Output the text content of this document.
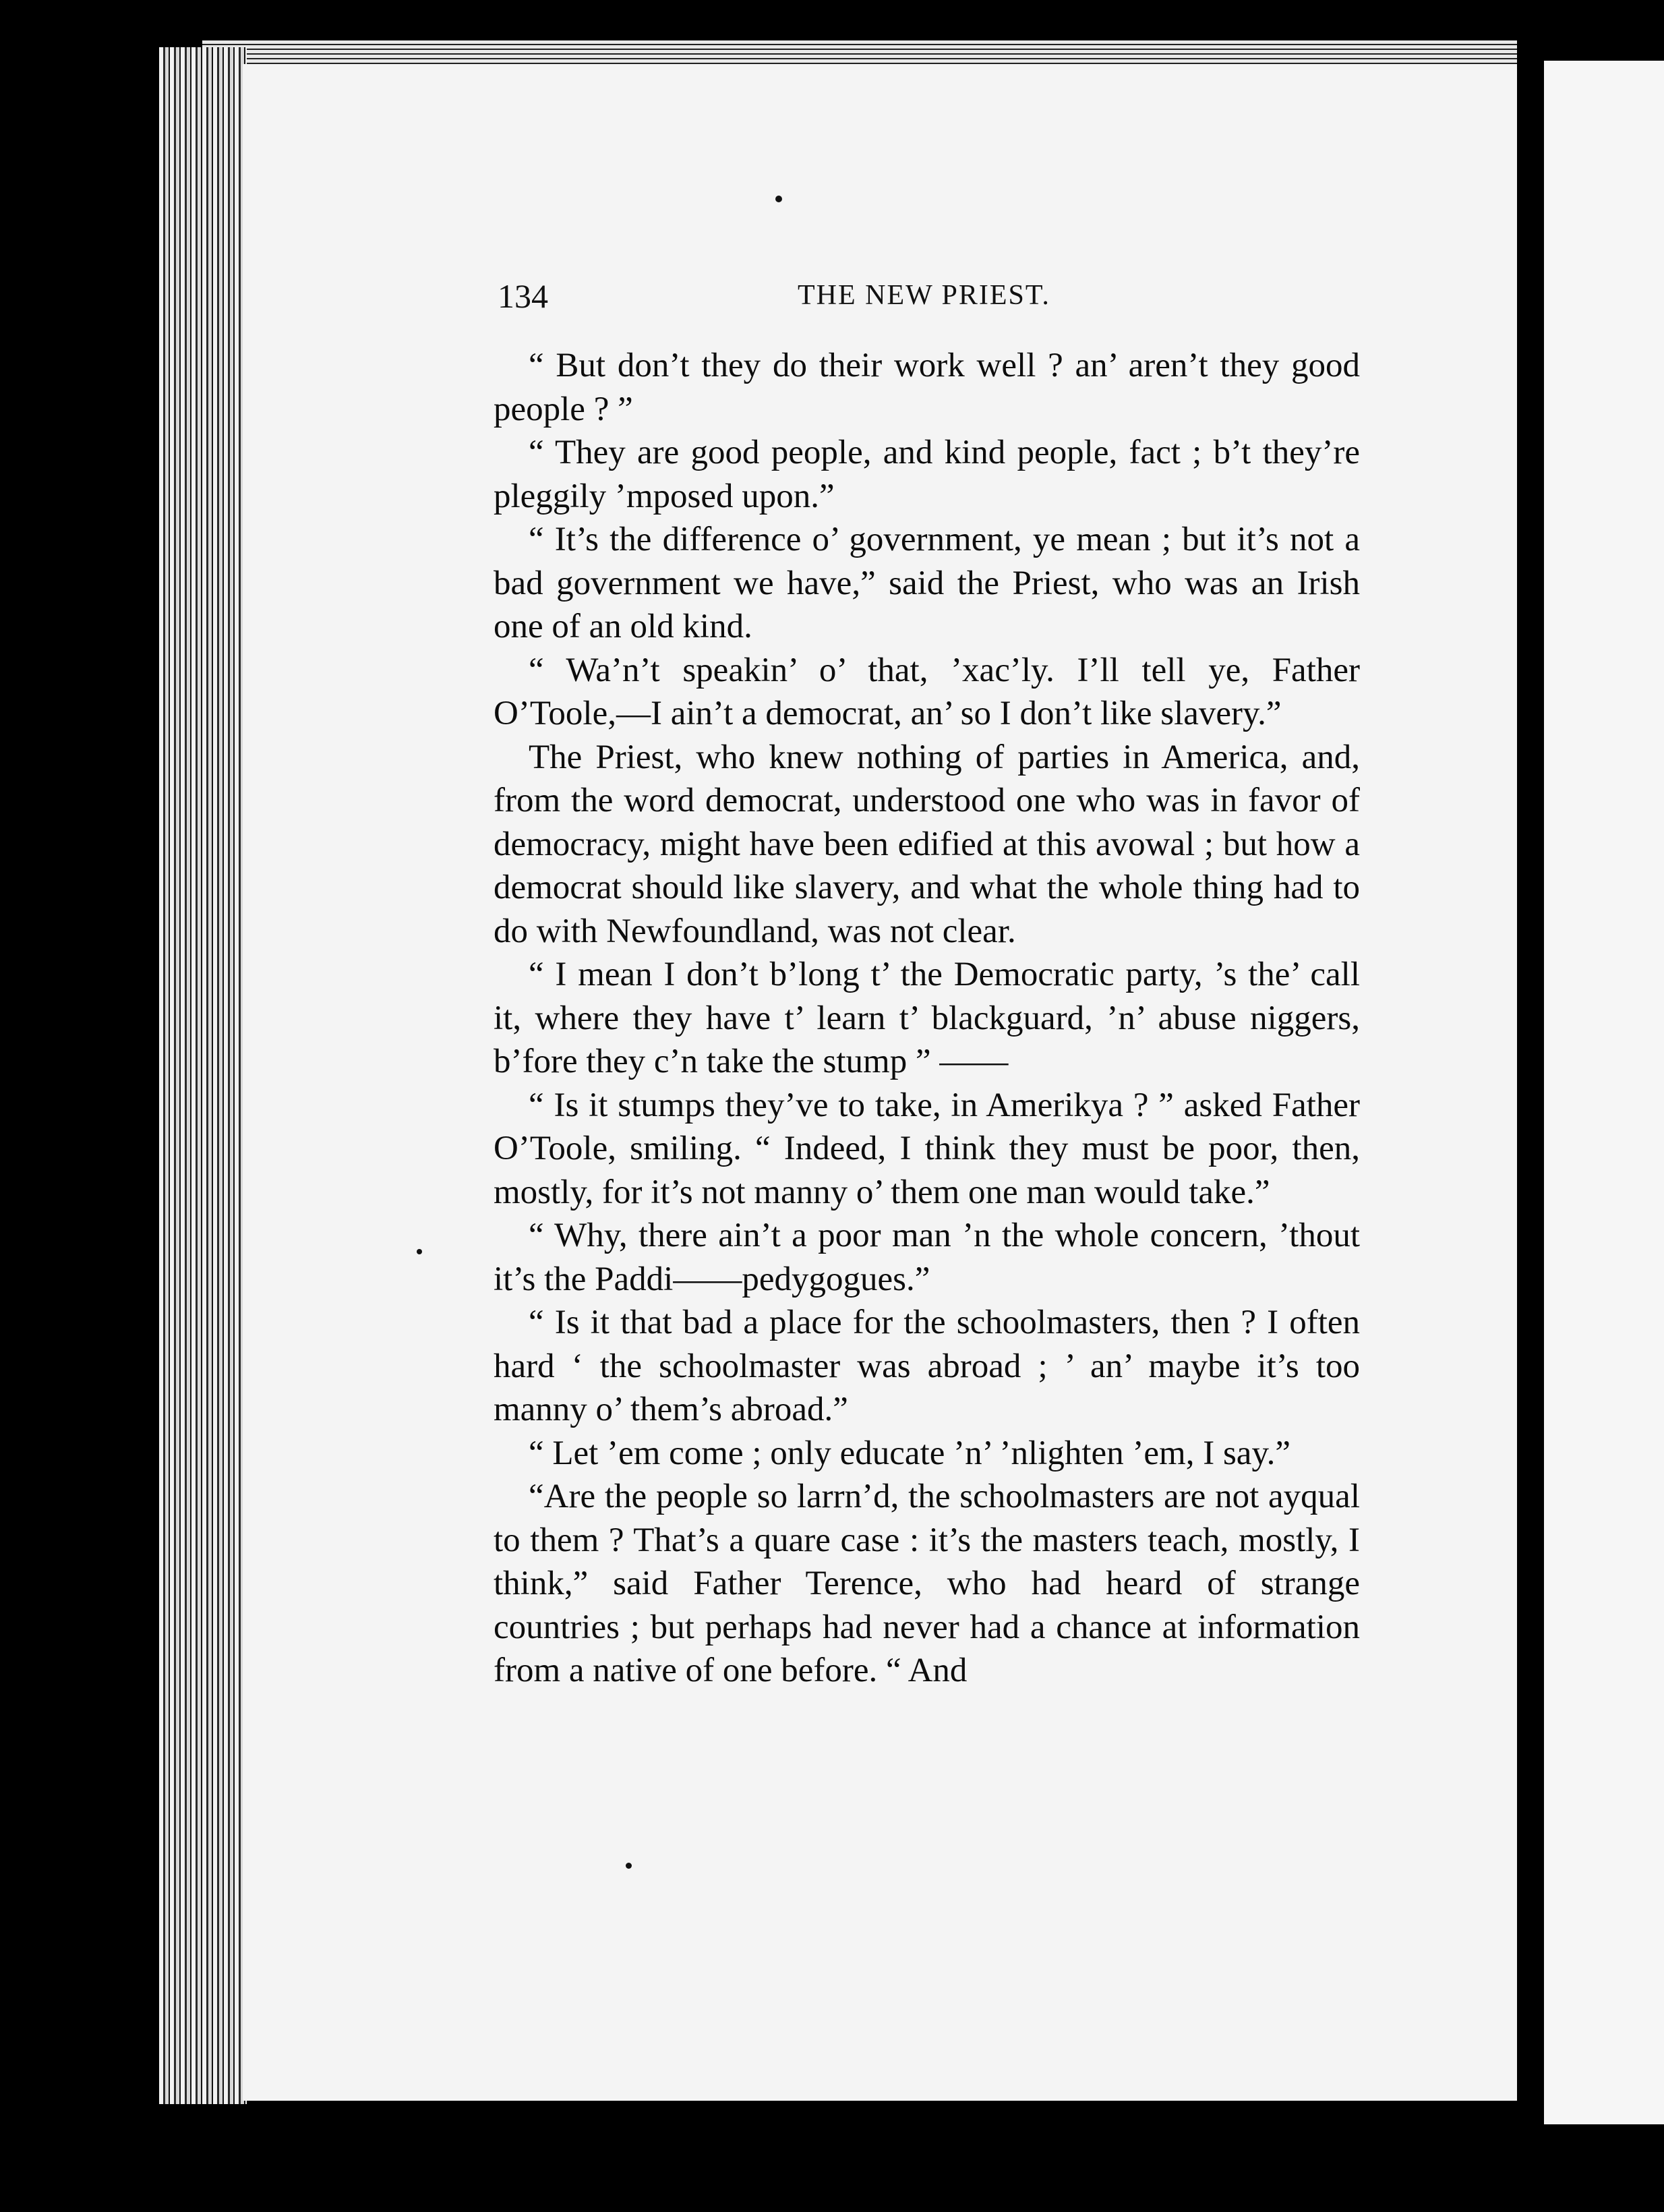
134	THE NEW PRIEST.

“ But don’t they do their work well ? an’ aren’t they good people ? ”

“ They are good people, and kind people, fact ; b’t they’re pleggily ’mposed upon.”

“ It’s the difference o’ government, ye mean ; but it’s not a bad government we have,” said the Priest, who was an Irish one of an old kind.

“ Wa’n’t speakin’ o’ that, ’xac’ly. I’ll tell ye, Father O’Toole,—I ain’t a democrat, an’ so I don’t like slavery.”

The Priest, who knew nothing of parties in America, and, from the word democrat, understood one who was in favor of democracy, might have been edified at this avowal ; but how a democrat should like slavery, and what the whole thing had to do with Newfoundland, was not clear.

“ I mean I don’t b’long t’ the Democratic party, ’s the’ call it, where they have t’ learn t’ blackguard, ’n’ abuse niggers, b’fore they c’n take the stump ” ——

“ Is it stumps they’ve to take, in Amerikya ? ” asked Father O’Toole, smiling. “ Indeed, I think they must be poor, then, mostly, for it’s not manny o’ them one man would take.”

“ Why, there ain’t a poor man ’n the whole concern, ’thout it’s the Paddi——pedygogues.”

“ Is it that bad a place for the schoolmasters, then ? I often hard ‘ the schoolmaster was abroad ; ’ an’ maybe it’s too manny o’ them’s abroad.”

“ Let ’em come ; only educate ’n’ ’nlighten ’em, I say.”

“Are the people so larrn’d, the schoolmasters are not ayqual to them ? That’s a quare case : it’s the masters teach, mostly, I think,” said Father Terence, who had heard of strange countries ; but perhaps had never had a chance at information from a native of one before. “ And
